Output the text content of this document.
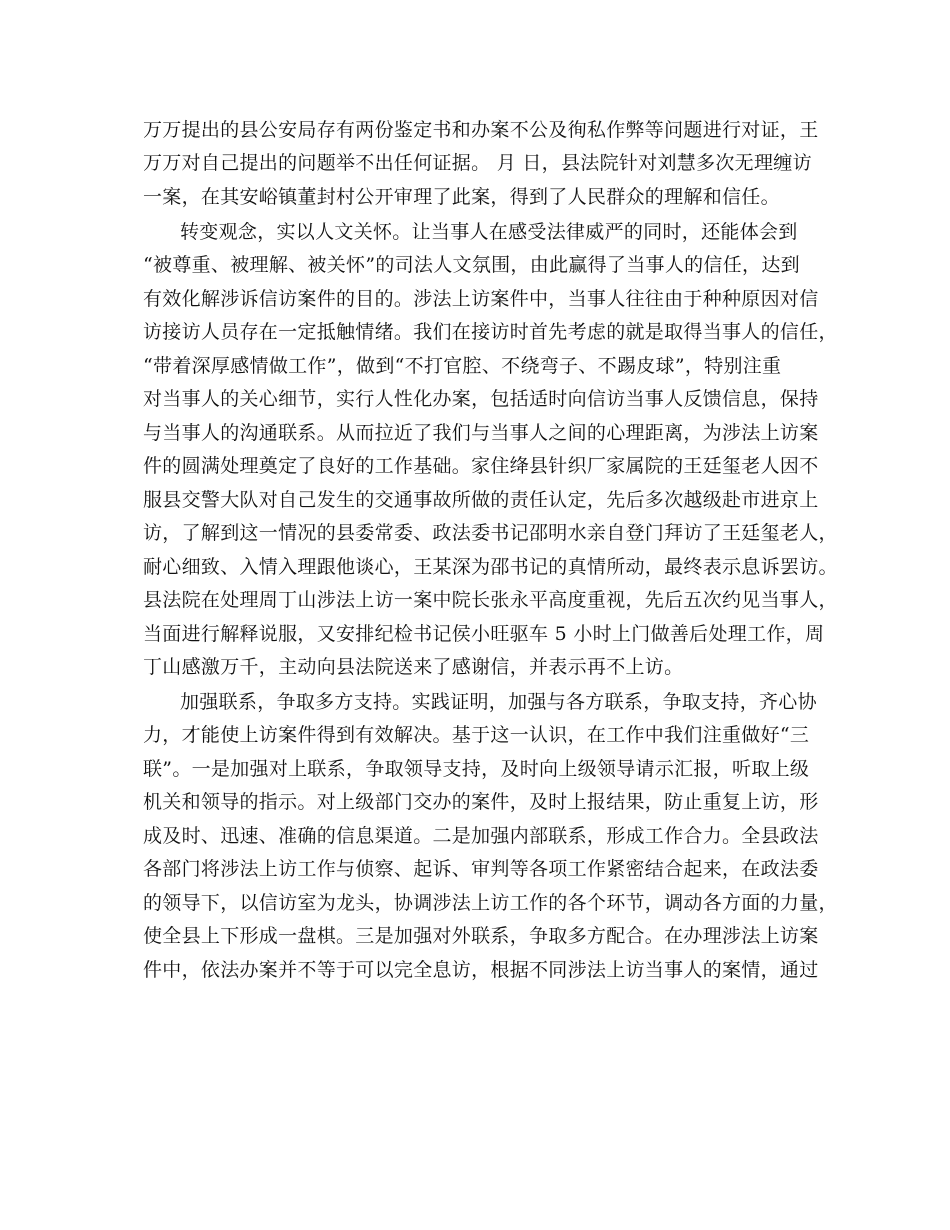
万万提出的县公安局存有两份鉴定书和办案不公及徇私作弊等问题进行对证，王
万万对自己提出的问题举不出任何证据。 月 日，县法院针对刘慧多次无理缠访
一案，在其安峪镇董封村公开审理了此案，得到了人民群众的理解和信任。
转变观念，实以人文关怀。让当事人在感受法律威严的同时，还能体会到
“被尊重、被理解、被关怀”的司法人文氛围，由此赢得了当事人的信任，达到
有效化解涉诉信访案件的目的。涉法上访案件中，当事人往往由于种种原因对信
访接访人员存在一定抵触情绪。我们在接访时首先考虑的就是取得当事人的信任，
“带着深厚感情做工作”，做到“不打官腔、不绕弯子、不踢皮球”，特别注重
对当事人的关心细节，实行人性化办案，包括适时向信访当事人反馈信息，保持
与当事人的沟通联系。从而拉近了我们与当事人之间的心理距离，为涉法上访案
件的圆满处理奠定了良好的工作基础。家住绛县针织厂家属院的王廷玺老人因不
服县交警大队对自己发生的交通事故所做的责任认定，先后多次越级赴市进京上
访，了解到这一情况的县委常委、政法委书记邵明水亲自登门拜访了王廷玺老人，
耐心细致、入情入理跟他谈心，王某深为邵书记的真情所动，最终表示息诉罢访。
县法院在处理周丁山涉法上访一案中院长张永平高度重视，先后五次约见当事人，
当面进行解释说服，又安排纪检书记侯小旺驱车 5 小时上门做善后处理工作，周
丁山感激万千，主动向县法院送来了感谢信，并表示再不上访。
加强联系，争取多方支持。实践证明，加强与各方联系，争取支持，齐心协
力，才能使上访案件得到有效解决。基于这一认识，在工作中我们注重做好“三
联”。一是加强对上联系，争取领导支持，及时向上级领导请示汇报，听取上级
机关和领导的指示。对上级部门交办的案件，及时上报结果，防止重复上访，形
成及时、迅速、准确的信息渠道。二是加强内部联系，形成工作合力。全县政法
各部门将涉法上访工作与侦察、起诉、审判等各项工作紧密结合起来，在政法委
的领导下，以信访室为龙头，协调涉法上访工作的各个环节，调动各方面的力量，
使全县上下形成一盘棋。三是加强对外联系，争取多方配合。在办理涉法上访案
件中，依法办案并不等于可以完全息访，根据不同涉法上访当事人的案情，通过
